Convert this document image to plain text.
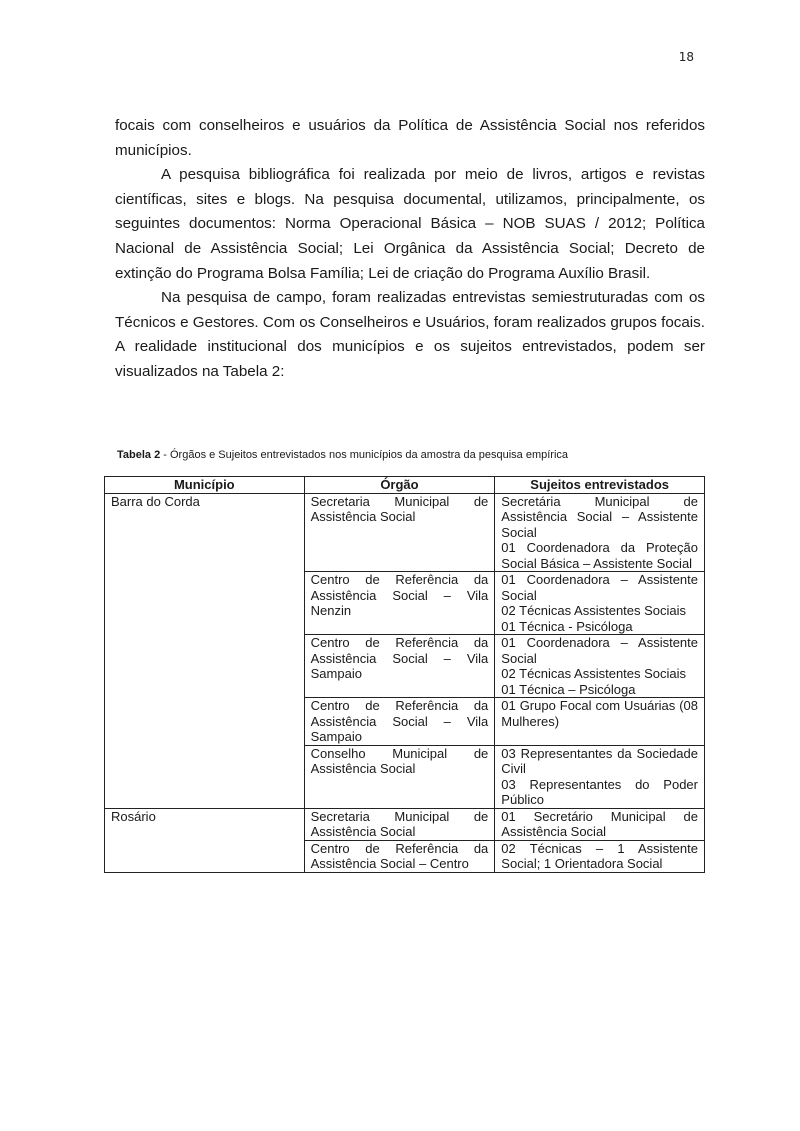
18

focais com conselheiros e usuários da Política de Assistência Social nos referidos municípios.

A pesquisa bibliográfica foi realizada por meio de livros, artigos e revistas científicas, sites e blogs. Na pesquisa documental, utilizamos, principalmente, os seguintes documentos: Norma Operacional Básica – NOB SUAS / 2012; Política Nacional de Assistência Social; Lei Orgânica da Assistência Social; Decreto de extinção do Programa Bolsa Família; Lei de criação do Programa Auxílio Brasil.

Na pesquisa de campo, foram realizadas entrevistas semiestruturadas com os Técnicos e Gestores. Com os Conselheiros e Usuários, foram realizados grupos focais. A realidade institucional dos municípios e os sujeitos entrevistados, podem ser visualizados na Tabela 2:

Tabela 2 - Órgãos e Sujeitos entrevistados nos municípios da amostra da pesquisa empírica
Município	Órgão	Sujeitos entrevistados
Barra do Corda	Secretaria Municipal de Assistência Social	Secretária Municipal de Assistência Social – Assistente Social
01 Coordenadora da Proteção Social Básica – Assistente Social

	Centro de Referência da Assistência Social – Vila Nenzin	01 Coordenadora – Assistente Social
02 Técnicas Assistentes Sociais
01 Técnica - Psicóloga

	Centro de Referência da Assistência Social – Vila Sampaio	01 Coordenadora – Assistente Social
02 Técnicas Assistentes Sociais
01 Técnica – Psicóloga

	Centro de Referência da Assistência Social – Vila Sampaio	01 Grupo Focal com Usuárias (08 Mulheres)

	Conselho Municipal de Assistência Social	03 Representantes da Sociedade Civil
03 Representantes do Poder Público

Rosário	Secretaria Municipal de Assistência Social	01 Secretário Municipal de Assistência Social

	Centro de Referência da Assistência Social – Centro	02 Técnicas – 1 Assistente Social; 1 Orientadora Social
